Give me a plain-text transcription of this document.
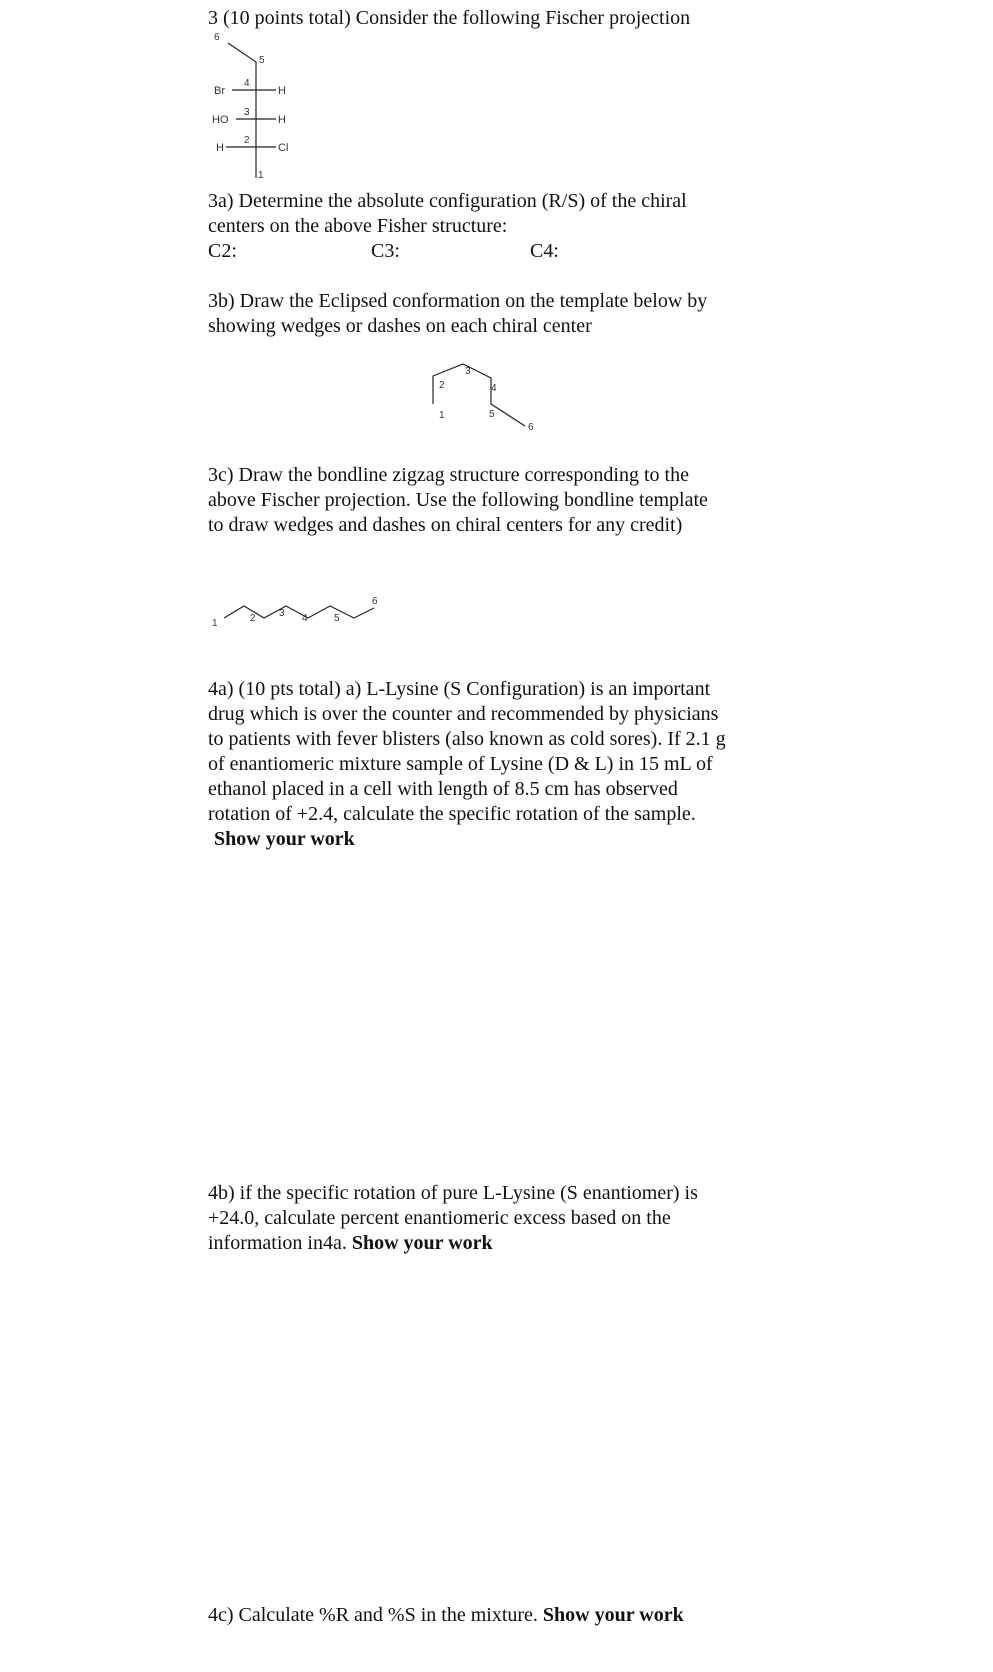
3 (10 points total) Consider the following Fischer projection

6
5
4
3
2
1
Br	H
HO	H
H	Cl

3a) Determine the absolute configuration (R/S) of the chiral

centers on the above Fisher structure:

C2:	C3:	C4:

3b) Draw the Eclipsed conformation on the template below by

showing wedges or dashes on each chiral center

1
2
3
4
5
6

3c) Draw the bondline zigzag structure corresponding to the

above Fischer projection. Use the following bondline template

to draw wedges and dashes on chiral centers for any credit)

1	2 3 4	5
6

4a) (10 pts total) a) L-Lysine (S Configuration) is an important

drug which is over the counter and recommended by physicians

to patients with fever blisters (also known as cold sores). If 2.1 g

of enantiomeric mixture sample of Lysine (D & L) in 15 mL of

ethanol placed in a cell with length of 8.5 cm has observed

rotation of +2.4, calculate the specific rotation of the sample.

Show your work

4b) if the specific rotation of pure L-Lysine (S enantiomer) is

+24.0, calculate percent enantiomeric excess based on the

information in4a. Show your work

4c) Calculate %R and %S in the mixture. Show your work
